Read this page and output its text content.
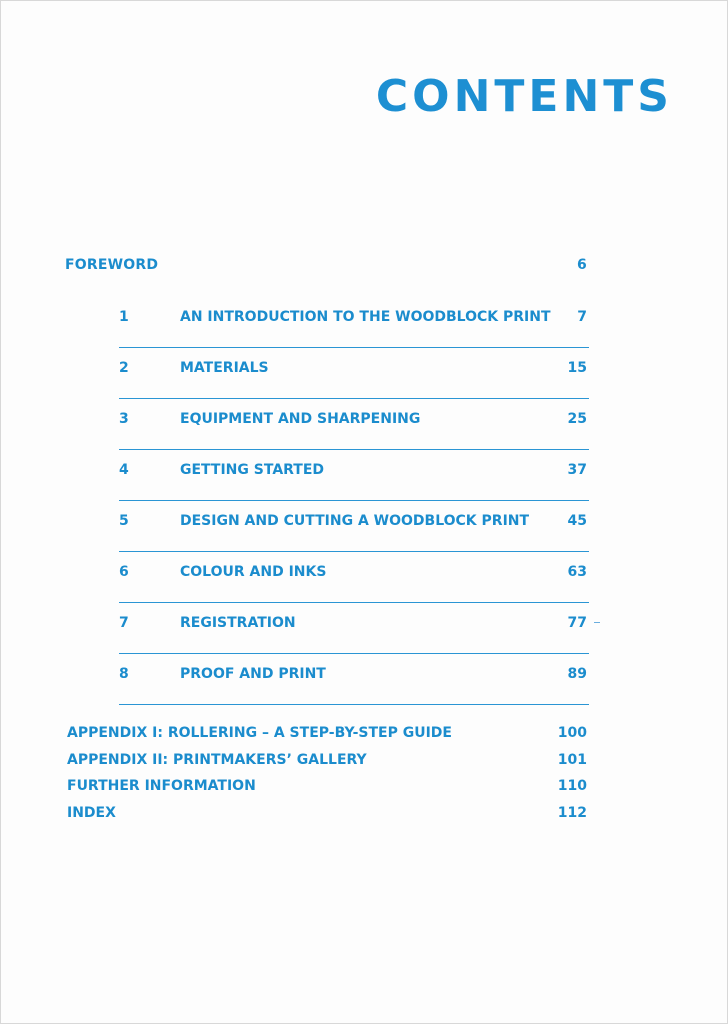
CONTENTS
FOREWORD	6
1	AN INTRODUCTION TO THE WOODBLOCK PRINT 7
2	MATERIALS	15
3	EQUIPMENT AND SHARPENING	25
4	GETTING STARTED	37
5	DESIGN AND CUTTING A WOODBLOCK PRINT	45
6	COLOUR AND INKS	63
7	REGISTRATION	77
8	PROOF AND PRINT	89
APPENDIX I: ROLLERING – A STEP-BY-STEP GUIDE	100
APPENDIX II: PRINTMAKERS’ GALLERY	101
FURTHER INFORMATION	110
INDEX	112
